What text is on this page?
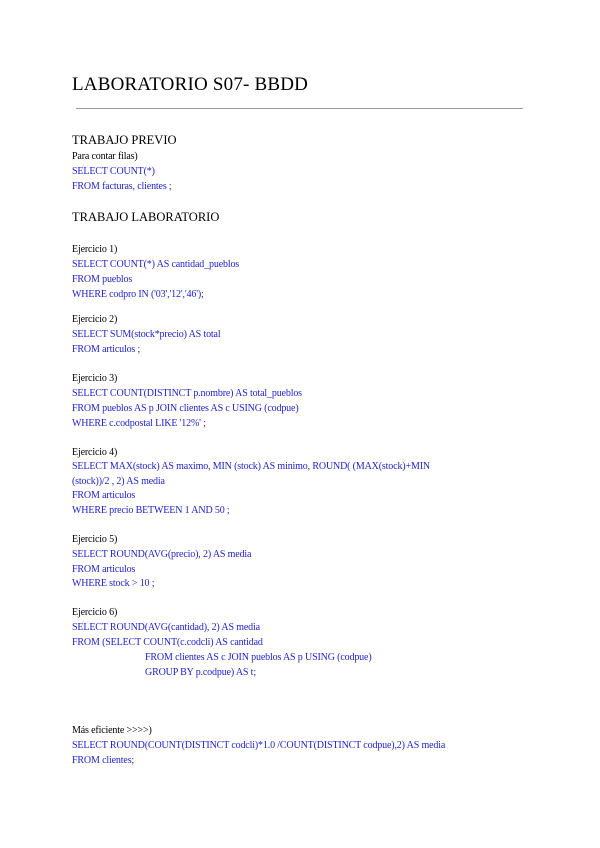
LABORATORIO S07- BBDD
TRABAJO PREVIO
Para contar filas)
SELECT COUNT(*)
FROM facturas, clientes ;
TRABAJO LABORATORIO
Ejercicio 1)
SELECT COUNT(*) AS cantidad_pueblos
FROM pueblos
WHERE codpro IN ('03','12','46');
Ejercicio 2)
SELECT SUM(stock*precio) AS total
FROM articulos ;
Ejercicio 3)
SELECT COUNT(DISTINCT p.nombre) AS total_pueblos
FROM pueblos AS p JOIN clientes AS c USING (codpue)
WHERE c.codpostal LIKE '12%' ;
Ejercicio 4)
SELECT MAX(stock) AS maximo, MIN (stock) AS minimo, ROUND( (MAX(stock)+MIN
(stock))/2 , 2) AS media
FROM articulos
WHERE precio BETWEEN 1 AND 50 ;
Ejercicio 5)
SELECT ROUND(AVG(precio), 2) AS media
FROM articulos
WHERE stock > 10 ;
Ejercicio 6)
SELECT ROUND(AVG(cantidad), 2) AS media
FROM (SELECT COUNT(c.codcli) AS cantidad
FROM clientes AS c JOIN pueblos AS p USING (codpue)
GROUP BY p.codpue) AS t;
Más eficiente >>>>)
SELECT ROUND(COUNT(DISTINCT codcli)*1.0 /COUNT(DISTINCT codpue),2) AS media
FROM clientes;
